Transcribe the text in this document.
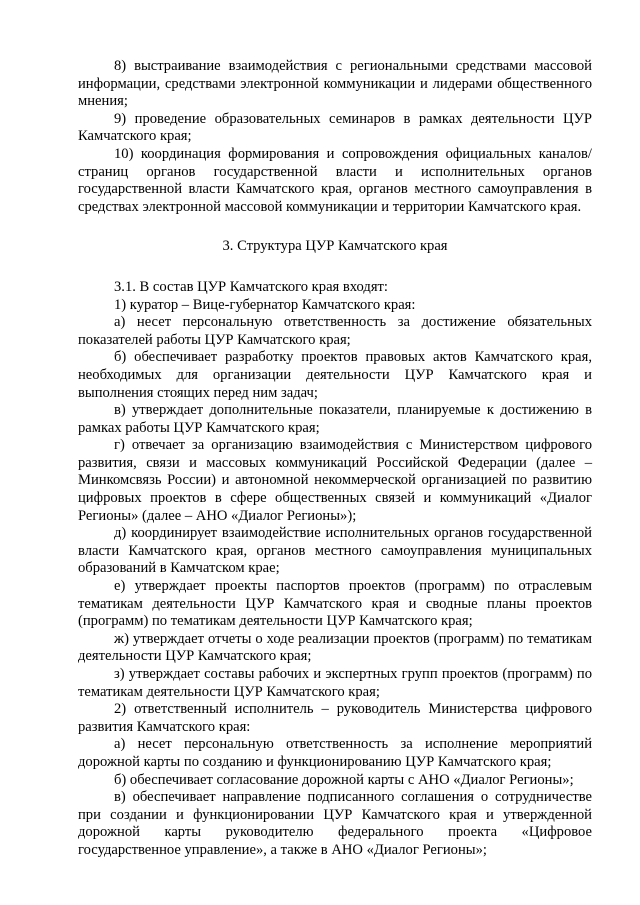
8) выстраивание взаимодействия с региональными средствами массовой информации, средствами электронной коммуникации и лидерами общественного мнения;

9) проведение образовательных семинаров в рамках деятельности ЦУР Камчатского края;

10) координация формирования и сопровождения официальных каналов/страниц органов государственной власти и исполнительных органов государственной власти Камчатского края, органов местного самоуправления в средствах электронной массовой коммуникации и территории Камчатского края.

3. Структура ЦУР Камчатского края

3.1. В состав ЦУР Камчатского края входят:

1) куратор – Вице-губернатор Камчатского края:

а) несет персональную ответственность за достижение обязательных показателей работы ЦУР Камчатского края;

б) обеспечивает разработку проектов правовых актов Камчатского края, необходимых для организации деятельности ЦУР Камчатского края и выполнения стоящих перед ним задач;

в) утверждает дополнительные показатели, планируемые к достижению в рамках работы ЦУР Камчатского края;

г) отвечает за организацию взаимодействия с Министерством цифрового развития, связи и массовых коммуникаций Российской Федерации (далее – Минкомсвязь России) и автономной некоммерческой организацией по развитию цифровых проектов в сфере общественных связей и коммуникаций «Диалог Регионы» (далее – АНО «Диалог Регионы»);

д) координирует взаимодействие исполнительных органов государственной власти Камчатского края, органов местного самоуправления муниципальных образований в Камчатском крае;

е) утверждает проекты паспортов проектов (программ) по отраслевым тематикам деятельности ЦУР Камчатского края и сводные планы проектов (программ) по тематикам деятельности ЦУР Камчатского края;

ж) утверждает отчеты о ходе реализации проектов (программ) по тематикам деятельности ЦУР Камчатского края;

з) утверждает составы рабочих и экспертных групп проектов (программ) по тематикам деятельности ЦУР Камчатского края;

2) ответственный исполнитель – руководитель Министерства цифрового развития Камчатского края:

а) несет персональную ответственность за исполнение мероприятий дорожной карты по созданию и функционированию ЦУР Камчатского края;

б) обеспечивает согласование дорожной карты с АНО «Диалог Регионы»;

в) обеспечивает направление подписанного соглашения о сотрудничестве при создании и функционировании ЦУР Камчатского края и утвержденной дорожной карты руководителю федерального проекта «Цифровое государственное управление», а также в АНО «Диалог Регионы»;
